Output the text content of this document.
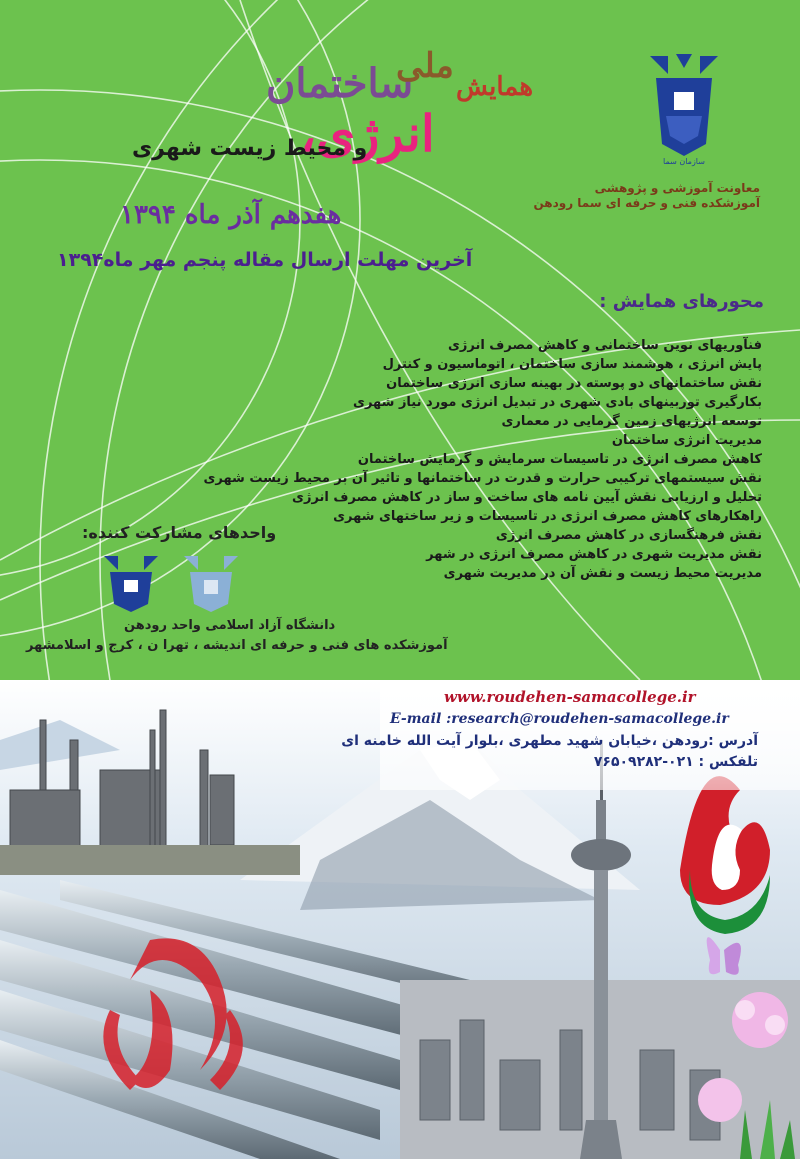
سازمان سما
معاونت آموزشی و پژوهشی
آموزشکده فنی و حرفه ای سما رودهن
ملی
همایش
ساختمان
انرژی،
و محیط زیست شهری
هفدهم آذر ماه ۱۳۹۴
آخرین مهلت ارسال مقاله پنجم مهر ماه۱۳۹۴
محورهای همایش :
فنآوریهای نوین ساختمانی و کاهش مصرف انرژی
پایش انرژی ، هوشمند سازی ساختمان ، اتوماسیون و کنترل
نقش ساختمانهای دو پوسته در بهینه سازی انرژی ساختمان
بکارگیری توربینهای بادی شهری در تبدیل انرژی مورد نیاز شهری
توسعه انرژیهای زمین گرمایی در معماری
مدیریت انرژی ساختمان
کاهش مصرف انرژی در تاسیسات سرمایش و گرمایش ساختمان
نقش سیستمهای ترکیبی حرارت و قدرت در ساختمانها و تاثیر آن بر محیط زیست شهری
تحلیل و ارزیابی نقش آیین نامه های ساخت و ساز در کاهش مصرف انرژی
راهکارهای کاهش مصرف انرژی در تاسیسات و زیر ساختهای شهری
نقش فرهنگسازی در کاهش مصرف انرژی
نقش مدیریت شهری در کاهش مصرف انرژی در شهر
مدیریت محیط زیست و نقش آن در مدیریت شهری
واحدهای مشارکت کننده:
دانشگاه آزاد اسلامی واحد رودهن
آموزشکده های فنی و حرفه ای اندیشه ، تهرا ن ، کرج و اسلامشهر
www.roudehen-samacollege.ir
E-mail :research@roudehen-samacollege.ir
آدرس :رودهن ،خیابان شهید مطهری ،بلوار آیت الله خامنه ای
تلفکس : ۰۲۱-۷۶۵۰۹۲۸۲
